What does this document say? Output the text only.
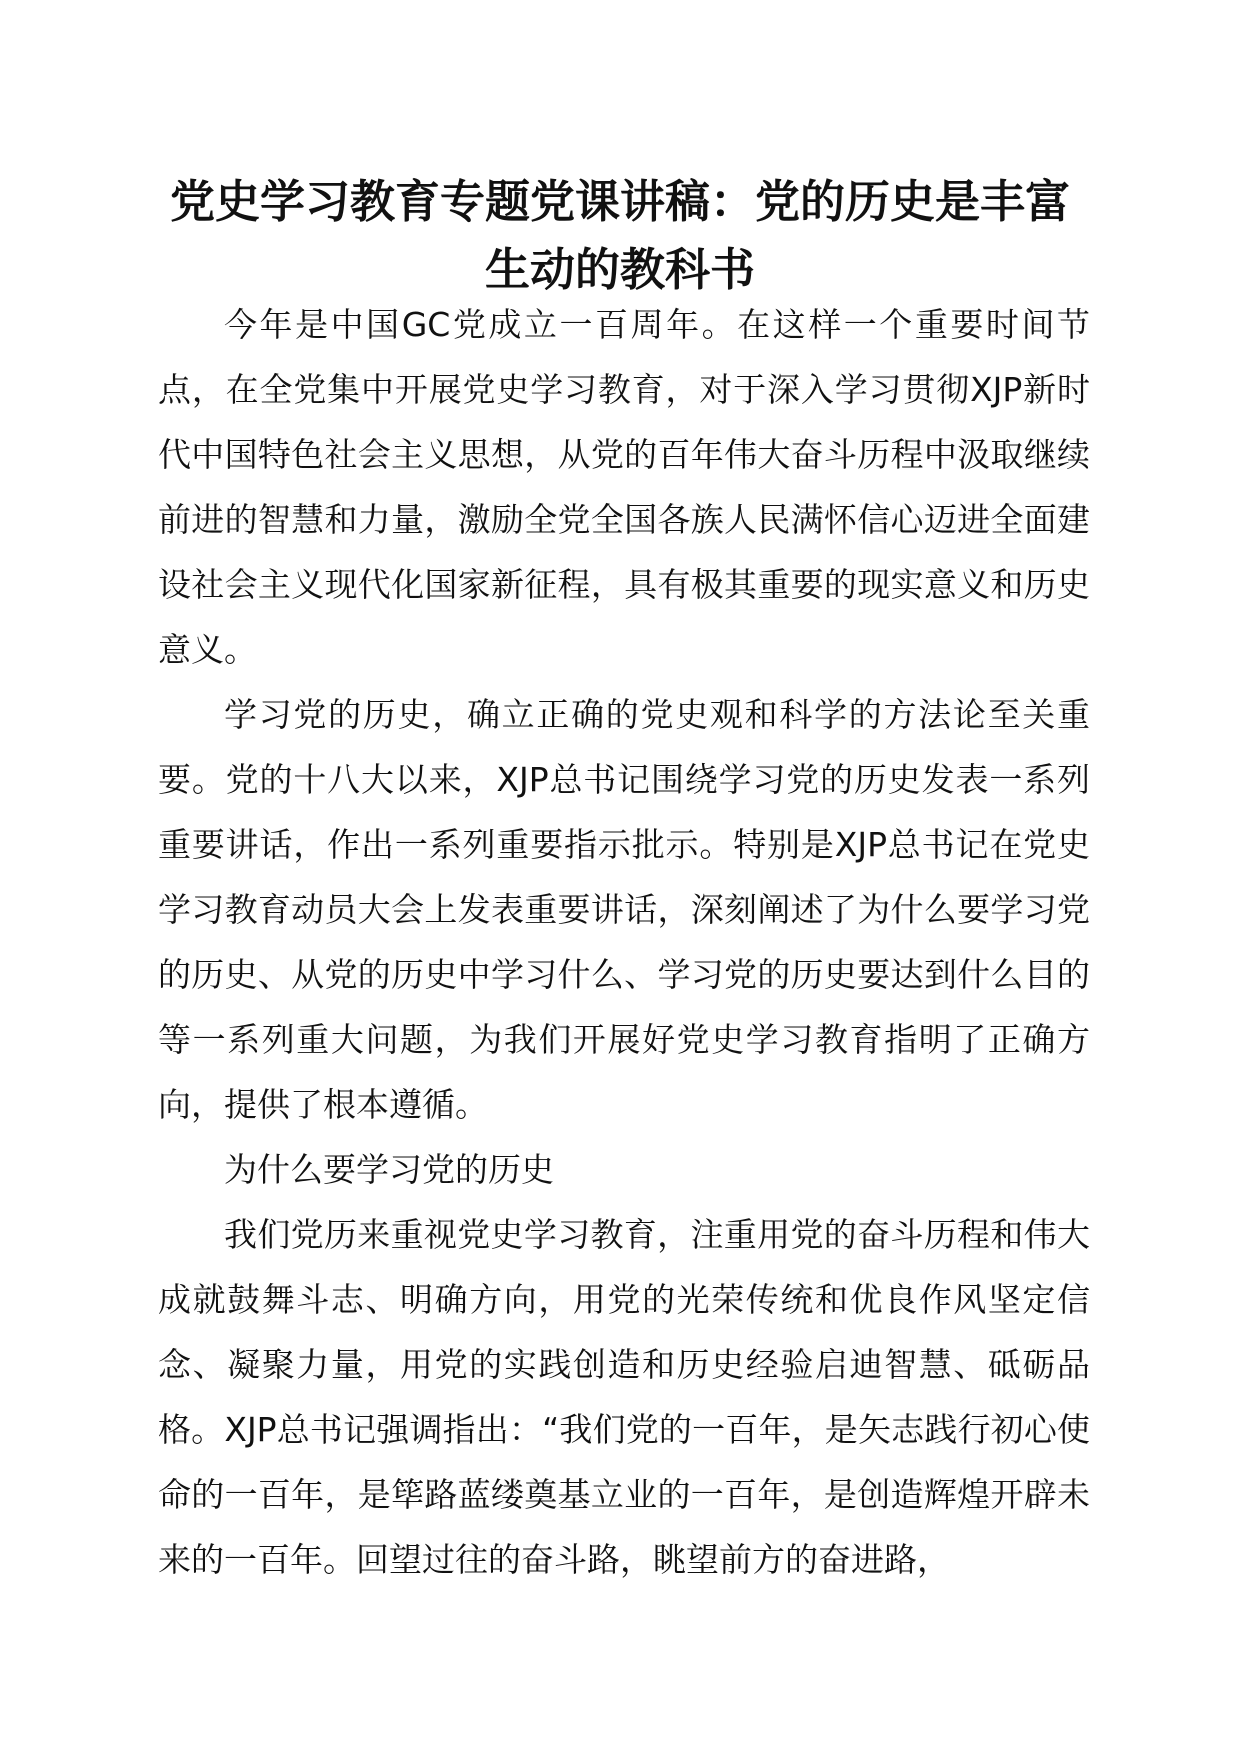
党史学习教育专题党课讲稿：党的历史是丰富
生动的教科书

今年是中国GC党成立一百周年。在这样一个重要时间节点，在全党集中开展党史学习教育，对于深入学习贯彻XJP新时代中国特色社会主义思想，从党的百年伟大奋斗历程中汲取继续前进的智慧和力量，激励全党全国各族人民满怀信心迈进全面建设社会主义现代化国家新征程，具有极其重要的现实意义和历史意义。

学习党的历史，确立正确的党史观和科学的方法论至关重要。党的十八大以来，XJP总书记围绕学习党的历史发表一系列重要讲话，作出一系列重要指示批示。特别是XJP总书记在党史学习教育动员大会上发表重要讲话，深刻阐述了为什么要学习党的历史、从党的历史中学习什么、学习党的历史要达到什么目的等一系列重大问题，为我们开展好党史学习教育指明了正确方向，提供了根本遵循。

为什么要学习党的历史

我们党历来重视党史学习教育，注重用党的奋斗历程和伟大成就鼓舞斗志、明确方向，用党的光荣传统和优良作风坚定信念、凝聚力量，用党的实践创造和历史经验启迪智慧、砥砺品格。XJP总书记强调指出：“我们党的一百年，是矢志践行初心使命的一百年，是筚路蓝缕奠基立业的一百年，是创造辉煌开辟未来的一百年。回望过往的奋斗路，眺望前方的奋进路，
